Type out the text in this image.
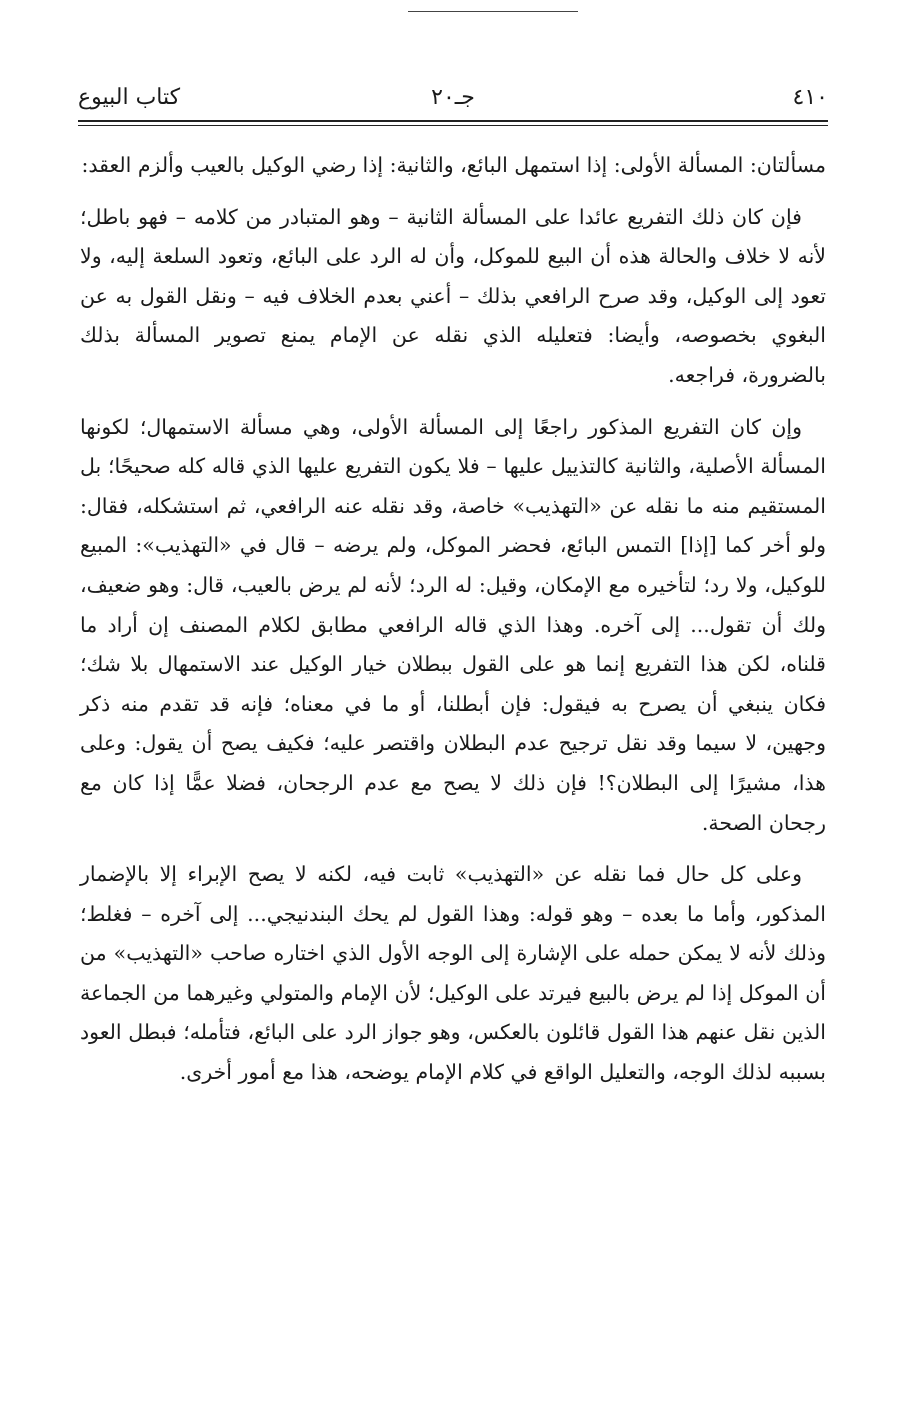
٤١٠
جـ٢٠
كتاب البيوع

مسألتان: المسألة الأولى: إذا استمهل البائع، والثانية: إذا رضي الوكيل بالعيب وألزم العقد:

فإن كان ذلك التفريع عائدا على المسألة الثانية – وهو المتبادر من كلامه – فهو باطل؛ لأنه لا خلاف والحالة هذه أن البيع للموكل، وأن له الرد على البائع، وتعود السلعة إليه، ولا تعود إلى الوكيل، وقد صرح الرافعي بذلك – أعني بعدم الخلاف فيه – ونقل القول به عن البغوي بخصوصه، وأيضا: فتعليله الذي نقله عن الإمام يمنع تصوير المسألة بذلك بالضرورة، فراجعه.

وإن كان التفريع المذكور راجعًا إلى المسألة الأولى، وهي مسألة الاستمهال؛ لكونها المسألة الأصلية، والثانية كالتذييل عليها – فلا يكون التفريع عليها الذي قاله كله صحيحًا؛ بل المستقيم منه ما نقله عن «التهذيب» خاصة، وقد نقله عنه الرافعي، ثم استشكله، فقال: ولو أخر كما [إذا] التمس البائع، فحضر الموكل، ولم يرضه – قال في «التهذيب»: المبيع للوكيل، ولا رد؛ لتأخيره مع الإمكان، وقيل: له الرد؛ لأنه لم يرض بالعيب، قال: وهو ضعيف، ولك أن تقول... إلى آخره. وهذا الذي قاله الرافعي مطابق لكلام المصنف إن أراد ما قلناه، لكن هذا التفريع إنما هو على القول ببطلان خيار الوكيل عند الاستمهال بلا شك؛ فكان ينبغي أن يصرح به فيقول: فإن أبطلنا، أو ما في معناه؛ فإنه قد تقدم منه ذكر وجهين، لا سيما وقد نقل ترجيح عدم البطلان واقتصر عليه؛ فكيف يصح أن يقول: وعلى هذا، مشيرًا إلى البطلان؟! فإن ذلك لا يصح مع عدم الرجحان، فضلا عمًّا إذا كان مع رجحان الصحة.

وعلى كل حال فما نقله عن «التهذيب» ثابت فيه، لكنه لا يصح الإبراء إلا بالإضمار المذكور، وأما ما بعده – وهو قوله: وهذا القول لم يحك البندنيجي... إلى آخره – فغلط؛ وذلك لأنه لا يمكن حمله على الإشارة إلى الوجه الأول الذي اختاره صاحب «التهذيب» من أن الموكل إذا لم يرض بالبيع فيرتد على الوكيل؛ لأن الإمام والمتولي وغيرهما من الجماعة الذين نقل عنهم هذا القول قائلون بالعكس، وهو جواز الرد على البائع، فتأمله؛ فبطل العود بسببه لذلك الوجه، والتعليل الواقع في كلام الإمام يوضحه، هذا مع أمور أخرى.
